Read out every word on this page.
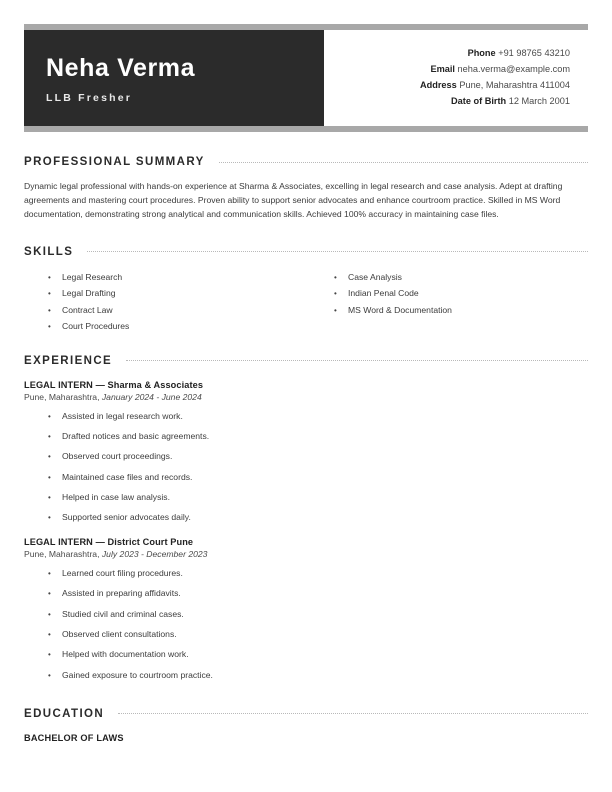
Neha Verma
LLB Fresher
Phone +91 98765 43210
Email neha.verma@example.com
Address Pune, Maharashtra 411004
Date of Birth 12 March 2001
PROFESSIONAL SUMMARY
Dynamic legal professional with hands-on experience at Sharma & Associates, excelling in legal research and case analysis. Adept at drafting agreements and mastering court procedures. Proven ability to support senior advocates and enhance courtroom practice. Skilled in MS Word documentation, demonstrating strong analytical and communication skills. Achieved 100% accuracy in maintaining case files.
SKILLS
•	Legal Research
•	Legal Drafting
•	Contract Law
•	Court Procedures
•	Case Analysis
•	Indian Penal Code
•	MS Word & Documentation
EXPERIENCE
LEGAL INTERN — Sharma & Associates
Pune, Maharashtra, January 2024 - June 2024
•	Assisted in legal research work.
•	Drafted notices and basic agreements.
•	Observed court proceedings.
•	Maintained case files and records.
•	Helped in case law analysis.
•	Supported senior advocates daily.
LEGAL INTERN — District Court Pune
Pune, Maharashtra, July 2023 - December 2023
•	Learned court filing procedures.
•	Assisted in preparing affidavits.
•	Studied civil and criminal cases.
•	Observed client consultations.
•	Helped with documentation work.
•	Gained exposure to courtroom practice.
EDUCATION
BACHELOR OF LAWS
